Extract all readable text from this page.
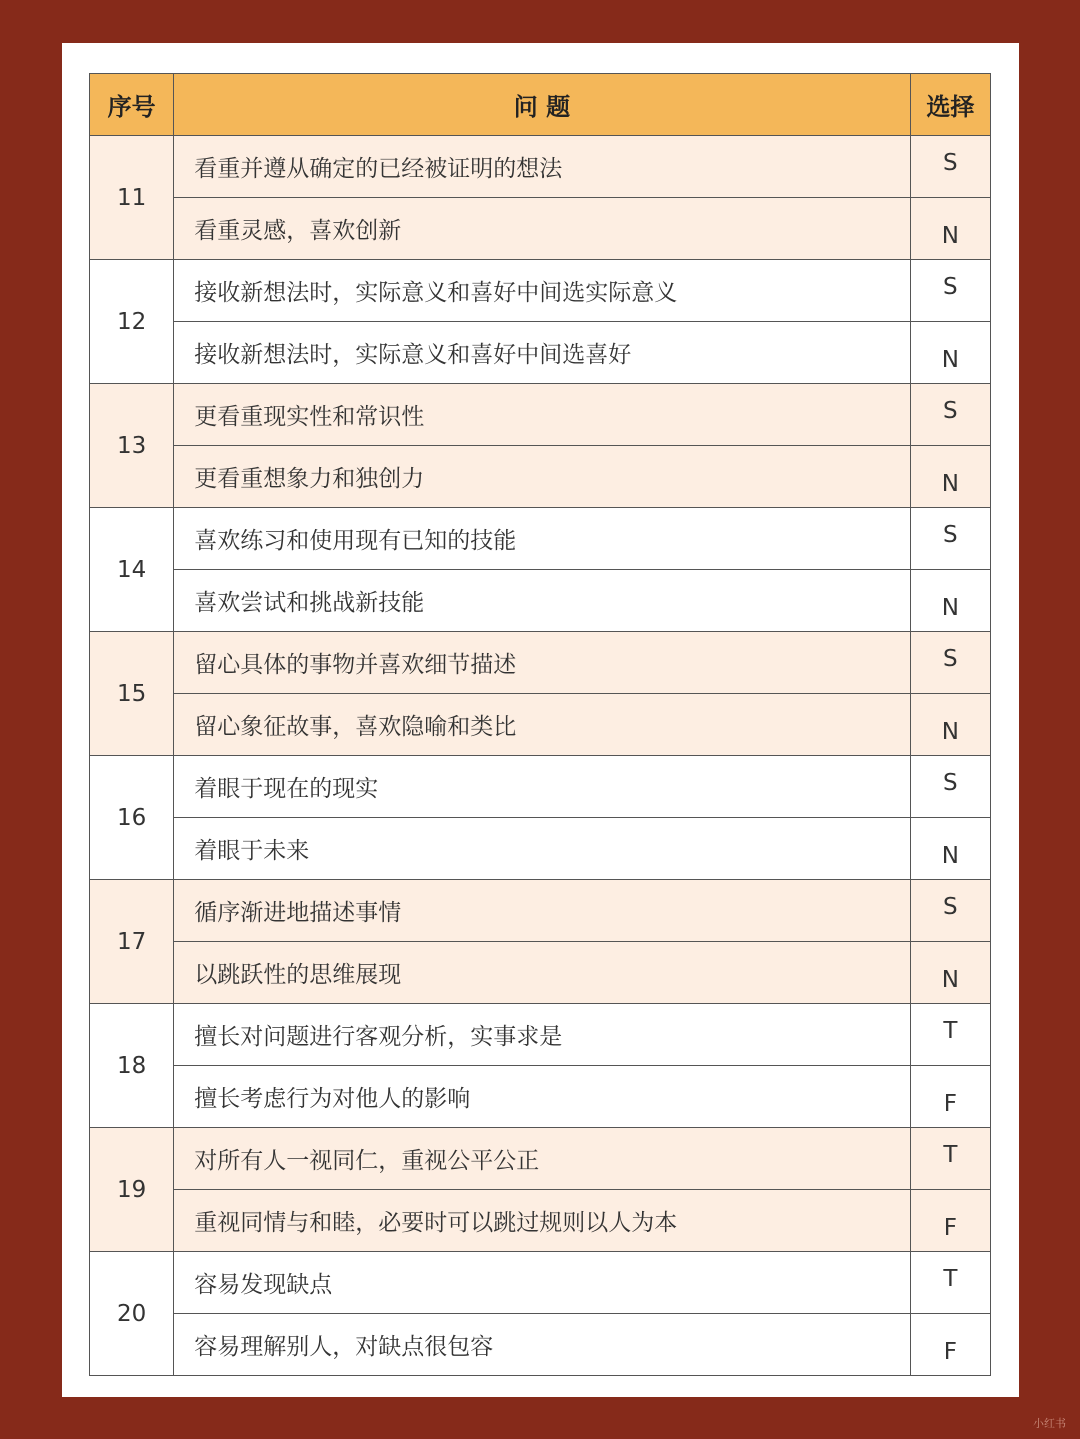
序号	问 题	选择
11	看重并遵从确定的已经被证明的想法	S
	看重灵感，喜欢创新	N
12	接收新想法时，实际意义和喜好中间选实际意义	S
	接收新想法时，实际意义和喜好中间选喜好	N
13	更看重现实性和常识性	S
	更看重想象力和独创力	N
14	喜欢练习和使用现有已知的技能	S
	喜欢尝试和挑战新技能	N
15	留心具体的事物并喜欢细节描述	S
	留心象征故事，喜欢隐喻和类比	N
16	着眼于现在的现实	S
	着眼于未来	N
17	循序渐进地描述事情	S
	以跳跃性的思维展现	N
18	擅长对问题进行客观分析，实事求是	T
	擅长考虑行为对他人的影响	F
19	对所有人一视同仁，重视公平公正	T
	重视同情与和睦，必要时可以跳过规则以人为本	F
20	容易发现缺点	T
	容易理解别人，对缺点很包容	F
小红书
